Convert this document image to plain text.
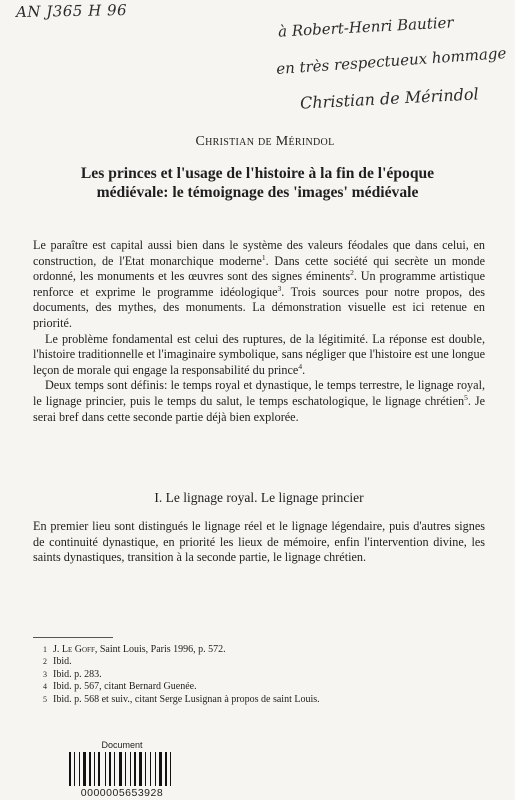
AN J365 H 96
à Robert-Henri Bautier
en très respectueux hommage
Christian de Mérindol
Christian de Mérindol
Les princes et l'usage de l'histoire à la fin de l'époque
médiévale: le témoignage des 'images' médiévale

Le paraître est capital aussi bien dans le système des valeurs féodales que dans celui, en construction, de l'Etat monarchique moderne$^1$. Dans cette société qui secrète un monde ordonné, les monuments et les œuvres sont des signes éminents$^2$. Un programme artistique renforce et exprime le programme idéologique$^3$. Trois sources pour notre propos, des documents, des mythes, des monuments. La démonstration visuelle est ici retenue en priorité.

Le problème fondamental est celui des ruptures, de la légitimité. La réponse est double, l'histoire traditionnelle et l'imaginaire symbolique, sans négliger que l'histoire est une longue leçon de morale qui engage la responsabilité du prince$^4$.

Deux temps sont définis: le temps royal et dynastique, le temps terrestre, le lignage royal, le lignage princier, puis le temps du salut, le temps eschatologique, le lignage chrétien$^5$. Je serai bref dans cette seconde partie déjà bien explorée.

I. Le lignage royal. Le lignage princier

En premier lieu sont distingués le lignage réel et le lignage légendaire, puis d'autres signes de continuité dynastique, en priorité les lieux de mémoire, enfin l'intervention divine, les saints dynastiques, transition à la seconde partie, le lignage chrétien.

1 J. Le Goff, Saint Louis, Paris 1996, p. 572.
2 Ibid.
3 Ibid. p. 283.
4 Ibid. p. 567, citant Bernard Guenée.
5 Ibid. p. 568 et suiv., citant Serge Lusignan à propos de saint Louis.
Document
0000005653928
